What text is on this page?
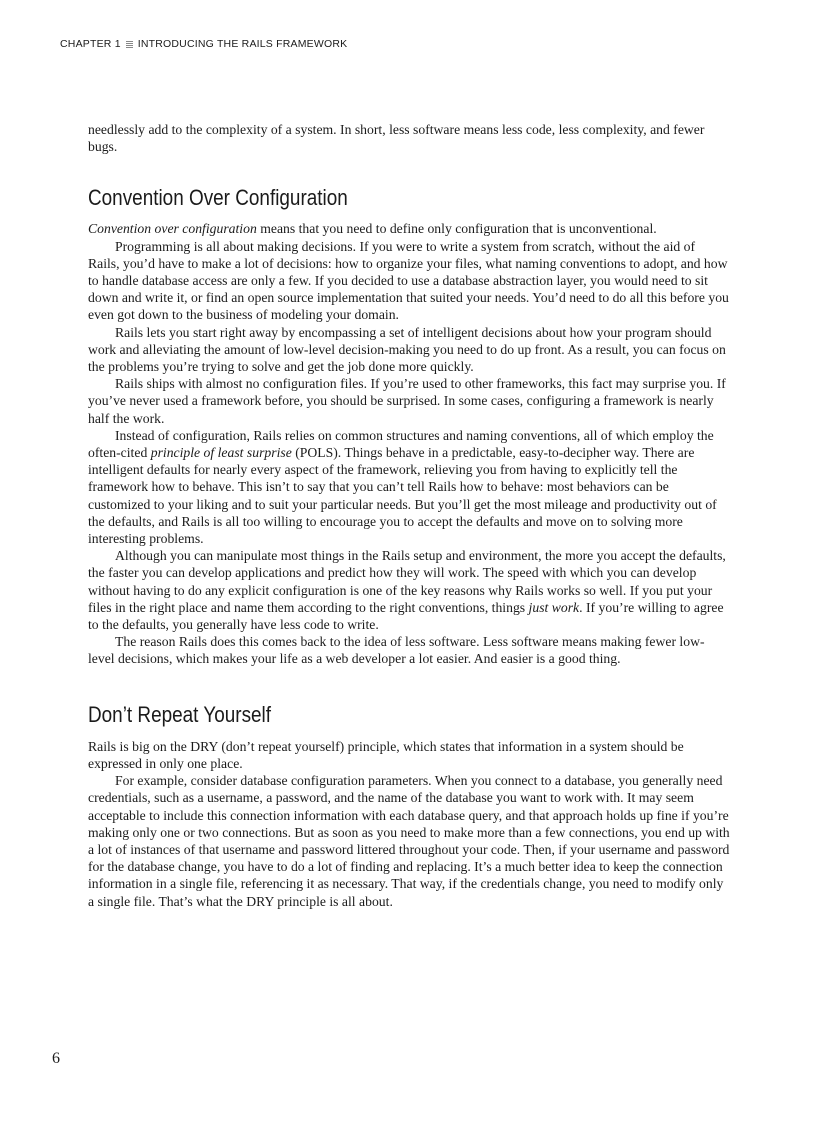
CHAPTER 1 INTRODUCING THE RAILS FRAMEWORK

needlessly add to the complexity of a system. In short, less software means less code, less complexity, and fewer bugs.

Convention Over Configuration

Convention over configuration means that you need to define only configuration that is unconventional.

Programming is all about making decisions. If you were to write a system from scratch, without the aid of Rails, you’d have to make a lot of decisions: how to organize your files, what naming conventions to adopt, and how to handle database access are only a few. If you decided to use a database abstraction layer, you would need to sit down and write it, or find an open source implementation that suited your needs. You’d need to do all this before you even got down to the business of modeling your domain.

Rails lets you start right away by encompassing a set of intelligent decisions about how your program should work and alleviating the amount of low-level decision-making you need to do up front. As a result, you can focus on the problems you’re trying to solve and get the job done more quickly.

Rails ships with almost no configuration files. If you’re used to other frameworks, this fact may surprise you. If you’ve never used a framework before, you should be surprised. In some cases, configuring a framework is nearly half the work.

Instead of configuration, Rails relies on common structures and naming conventions, all of which employ the often-cited principle of least surprise (POLS). Things behave in a predictable, easy-to-decipher way. There are intelligent defaults for nearly every aspect of the framework, relieving you from having to explicitly tell the framework how to behave. This isn’t to say that you can’t tell Rails how to behave: most behaviors can be customized to your liking and to suit your particular needs. But you’ll get the most mileage and productivity out of the defaults, and Rails is all too willing to encourage you to accept the defaults and move on to solving more interesting problems.

Although you can manipulate most things in the Rails setup and environment, the more you accept the defaults, the faster you can develop applications and predict how they will work. The speed with which you can develop without having to do any explicit configuration is one of the key reasons why Rails works so well. If you put your files in the right place and name them according to the right conventions, things just work. If you’re willing to agree to the defaults, you generally have less code to write.

The reason Rails does this comes back to the idea of less software. Less software means making fewer low-level decisions, which makes your life as a web developer a lot easier. And easier is a good thing.

Don’t Repeat Yourself

Rails is big on the DRY (don’t repeat yourself) principle, which states that information in a system should be expressed in only one place.

For example, consider database configuration parameters. When you connect to a database, you generally need credentials, such as a username, a password, and the name of the database you want to work with. It may seem acceptable to include this connection information with each database query, and that approach holds up fine if you’re making only one or two connections. But as soon as you need to make more than a few connections, you end up with a lot of instances of that username and password littered throughout your code. Then, if your username and password for the database change, you have to do a lot of finding and replacing. It’s a much better idea to keep the connection information in a single file, referencing it as necessary. That way, if the credentials change, you need to modify only a single file. That’s what the DRY principle is all about.

6
